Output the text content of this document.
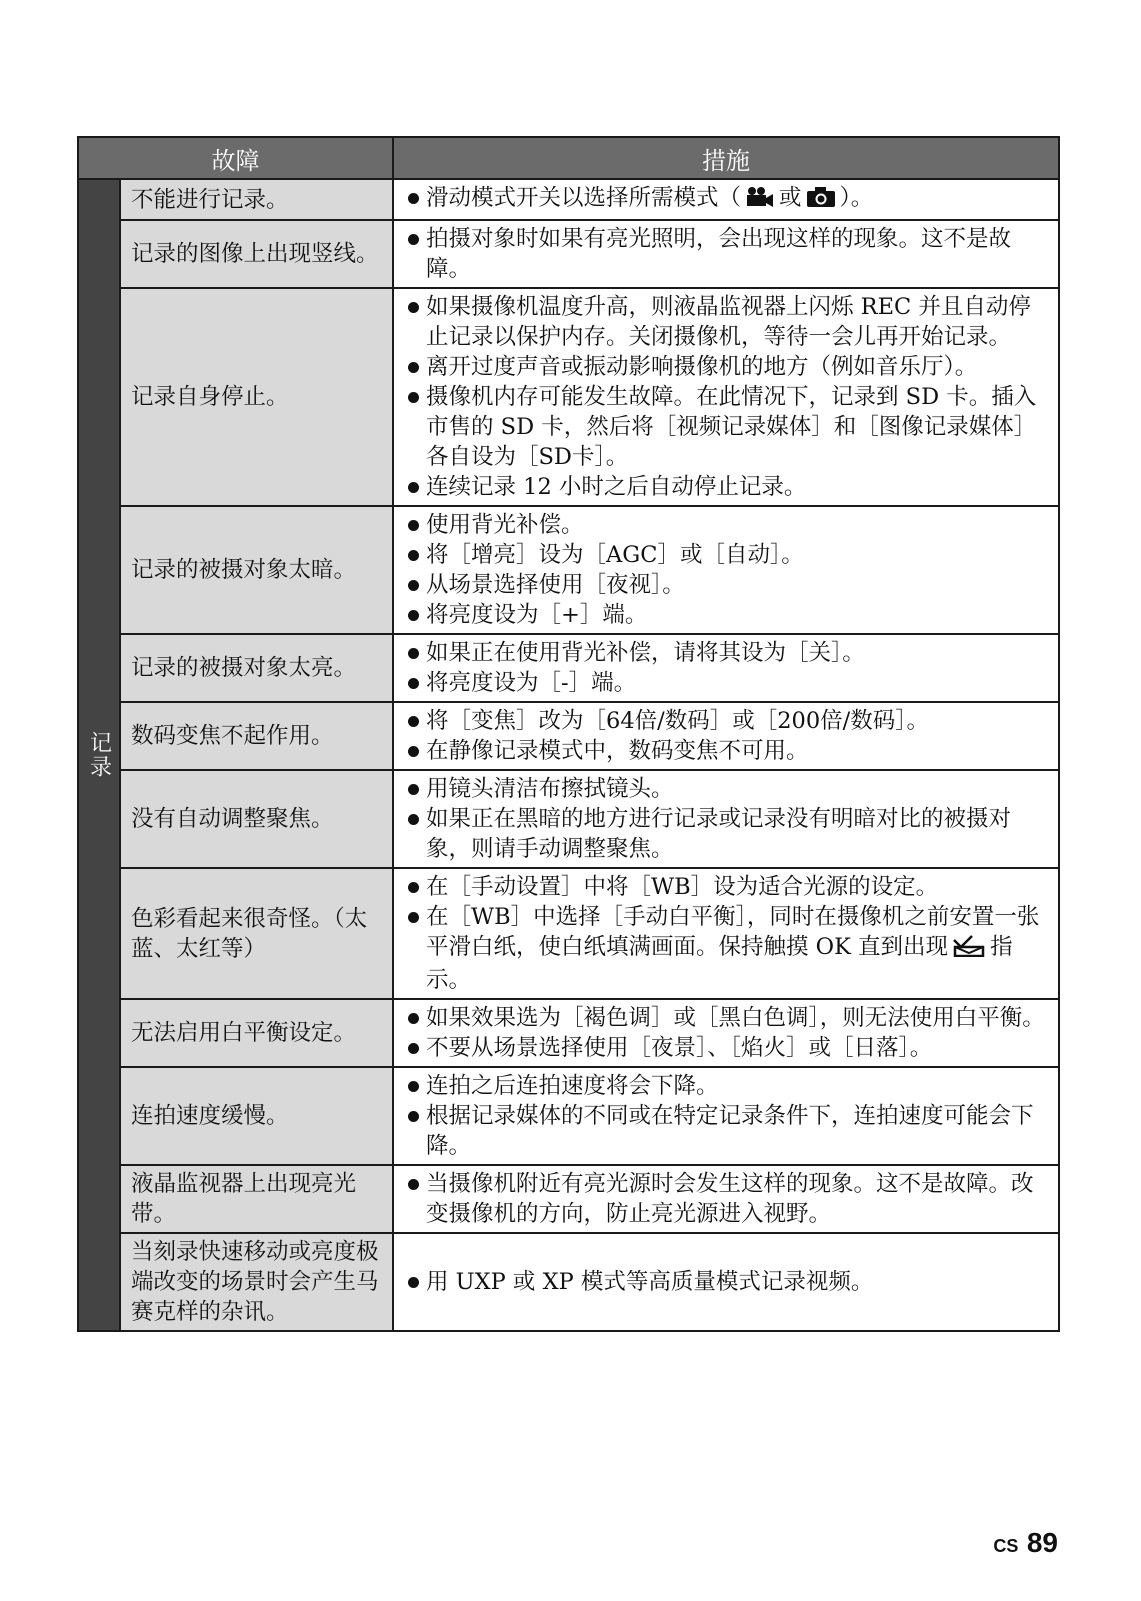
故障		措施

记录	不能进行记录。	滑动模式开关以选择所需模式（ 或 ）。

	记录的图像上出现竖线。	拍摄对象时如果有亮光照明，会出现这样的现象。这不是故障。

	记录自身停止。	如果摄像机温度升高，则液晶监视器上闪烁 REC 并且自动停止记录以保护内存。关闭摄像机，等待一会儿再开始记录。
离开过度声音或振动影响摄像机的地方（例如音乐厅）。
摄像机内存可能发生故障。在此情况下，记录到 SD 卡。插入市售的 SD 卡，然后将［视频记录媒体］和［图像记录媒体］各自设为［SD卡］。
连续记录 12 小时之后自动停止记录。

	记录的被摄对象太暗。	使用背光补偿。
将［增亮］设为［AGC］或［自动］。
从场景选择使用［夜视］。
将亮度设为［+］端。

	记录的被摄对象太亮。	如果正在使用背光补偿，请将其设为［关］。
将亮度设为［-］端。

	数码变焦不起作用。	将［变焦］改为［64倍/数码］或［200倍/数码］。
在静像记录模式中，数码变焦不可用。

	没有自动调整聚焦。	用镜头清洁布擦拭镜头。
如果正在黑暗的地方进行记录或记录没有明暗对比的被摄对象，则请手动调整聚焦。

	色彩看起来很奇怪。（太蓝、太红等）	在［手动设置］中将［WB］设为适合光源的设定。
在［WB］中选择［手动白平衡］，同时在摄像机之前安置一张平滑白纸，使白纸填满画面。保持触摸 OK 直到出现 指示。

	无法启用白平衡设定。	如果效果选为［褐色调］或［黑白色调］，则无法使用白平衡。
不要从场景选择使用［夜景］、［焰火］或［日落］。

	连拍速度缓慢。	连拍之后连拍速度将会下降。
根据记录媒体的不同或在特定记录条件下，连拍速度可能会下降。

	液晶监视器上出现亮光带。	当摄像机附近有亮光源时会发生这样的现象。这不是故障。改变摄像机的方向，防止亮光源进入视野。

	当刻录快速移动或亮度极端改变的场景时会产生马赛克样的杂讯。	用 UXP 或 XP 模式等高质量模式记录视频。
CS 89
